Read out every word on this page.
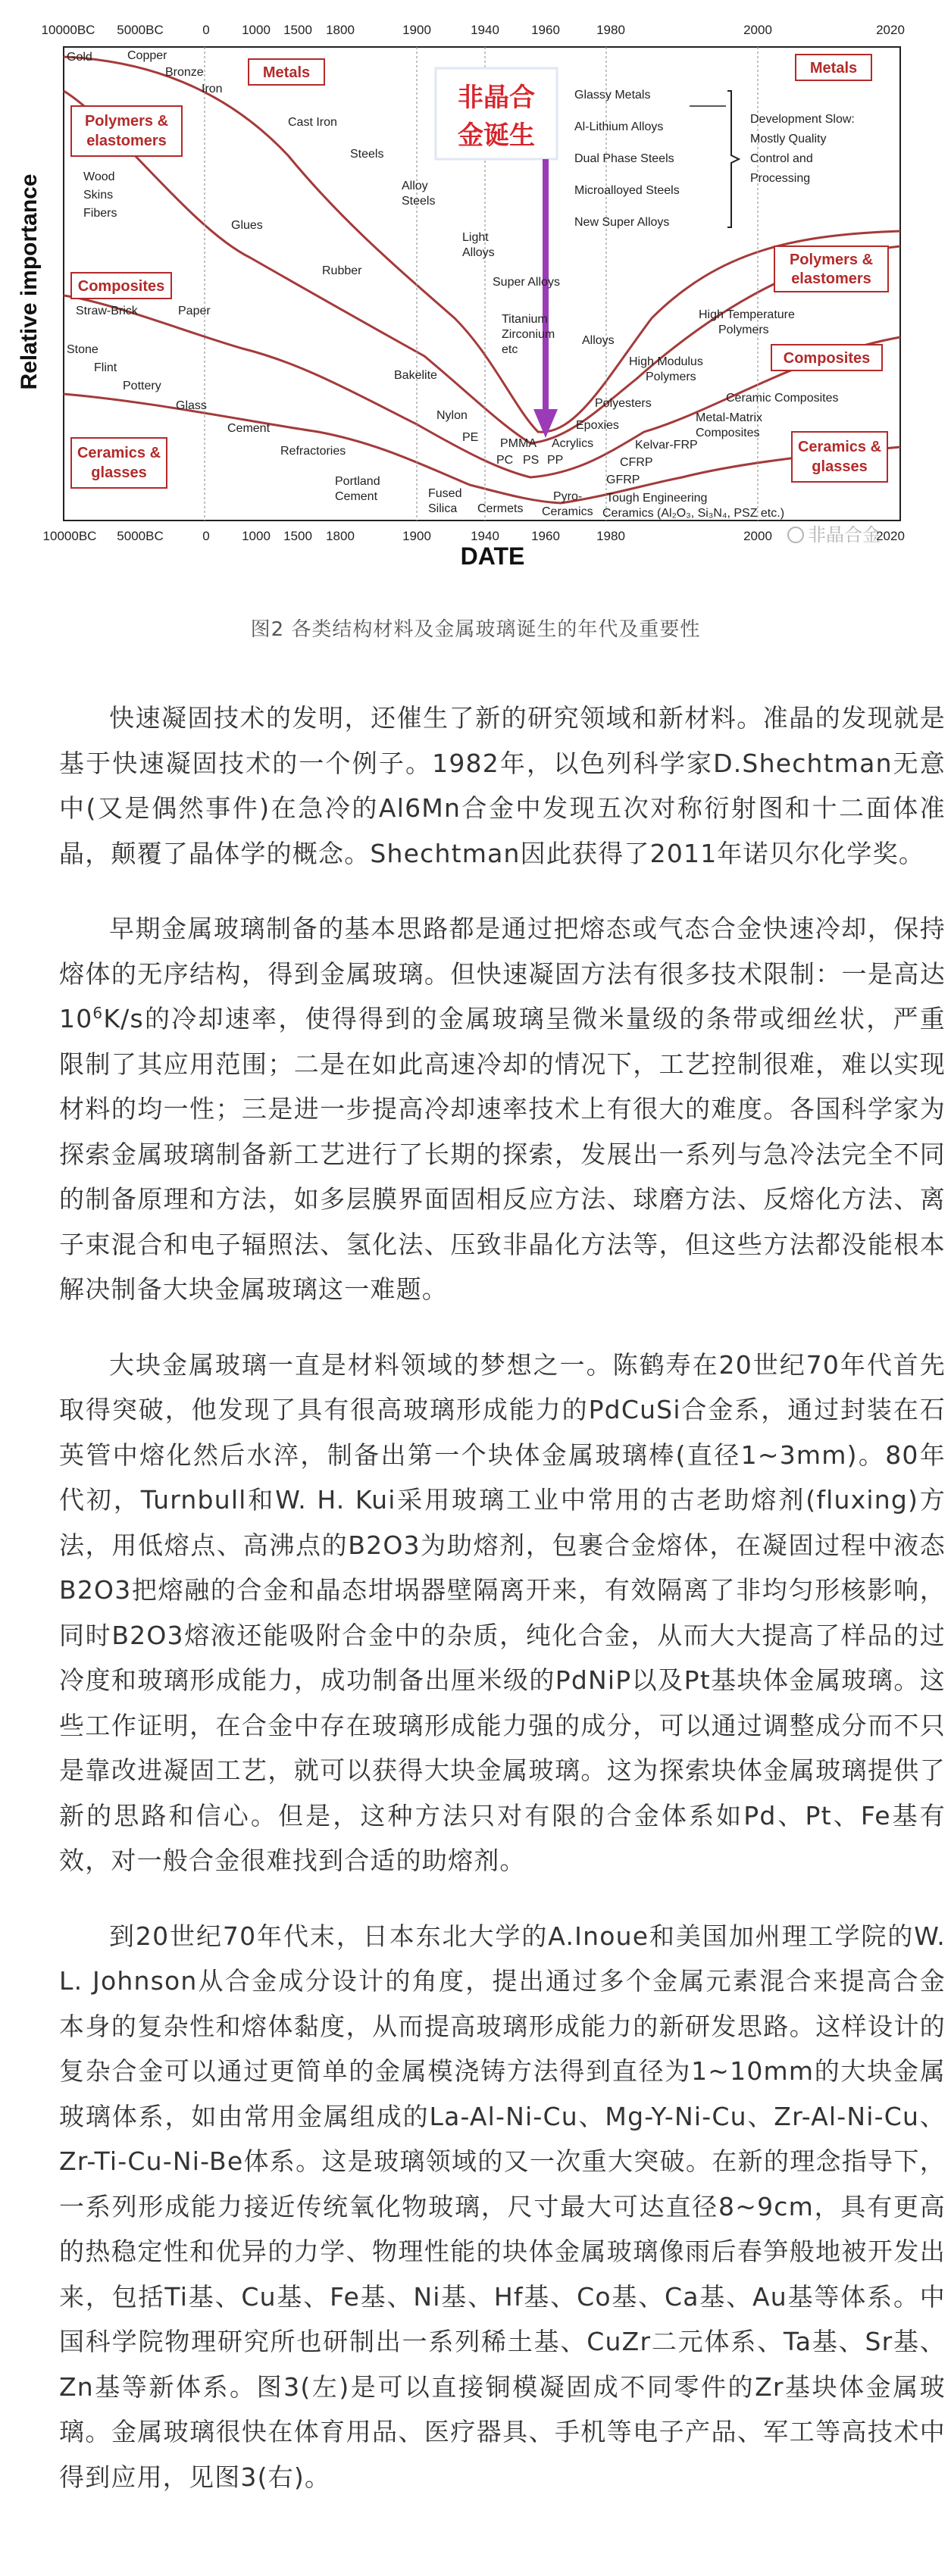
10000BC 5000BC	0 1000 1500 1800	1900	1940 1960	1980	2000	2020
10000BC 5000BC	0 1000 1500 1800	1900	1940 1960	1980	2000	2020
DATE
Relative importance
Metals	Metals
Polymers &
elastomers
Polymers &
elastomers
Composites
Composites
Ceramics &
glasses
Ceramics &
glasses
非晶合
金诞生
Gold	Copper
Bronze
Iron
Cast Iron
Steels
Alloy
Steels
Light
Alloys
Super Alloys
Titanium
Zirconium
etc
Alloys
Wood
Skins
Fibers
Glues
Rubber
Bakelite
Nylon
PE PMMA
PC PS PP
Acrylics
Polyesters
Epoxies
Straw-Brick	Paper
Stone
Flint
Pottery
Glass
Cement
Refractories
Portland
Cement	Fused
Silica Cermets
Pyro-
Ceramics
Glassy Metals
Al-Lithium Alloys
Dual Phase Steels
Microalloyed Steels
New Super Alloys
Development Slow:
Mostly Quality
Control and
Processing
High Temperature
Polymers
High Modulus
Polymers
Metal-Matrix
Composites
Ceramic Composites
Kelvar-FRP
CFRP
GFRP
Tough Engineering
Ceramics (Al₂O₃, Si₃N₄, PSZ etc.)
非晶合金
图2 各类结构材料及金属玻璃诞生的年代及重要性

快速凝固技术的发明，还催生了新的研究领域和新材料。准晶的发现就是基于快速凝固技术的一个例子。1982年，以色列科学家D.Shechtman无意中(又是偶然事件)在急冷的Al6Mn合金中发现五次对称衍射图和十二面体准晶，颠覆了晶体学的概念。Shechtman因此获得了2011年诺贝尔化学奖。

早期金属玻璃制备的基本思路都是通过把熔态或气态合金快速冷却，保持熔体的无序结构，得到金属玻璃。但快速凝固方法有很多技术限制：一是高达$10^6K/s$的冷却速率，使得得到的金属玻璃呈微米量级的条带或细丝状，严重限制了其应用范围；二是在如此高速冷却的情况下，工艺控制很难，难以实现材料的均一性；三是进一步提高冷却速率技术上有很大的难度。各国科学家为探索金属玻璃制备新工艺进行了长期的探索，发展出一系列与急冷法完全不同的制备原理和方法，如多层膜界面固相反应方法、球磨方法、反熔化方法、离子束混合和电子辐照法、氢化法、压致非晶化方法等，但这些方法都没能根本解决制备大块金属玻璃这一难题。

大块金属玻璃一直是材料领域的梦想之一。陈鹤寿在20世纪70年代首先取得突破，他发现了具有很高玻璃形成能力的PdCuSi合金系，通过封装在石英管中熔化然后水淬，制备出第一个块体金属玻璃棒(直径1~3mm)。80年代初，Turnbull和W. H. Kui采用玻璃工业中常用的古老助熔剂(fluxing)方法，用低熔点、高沸点的B2O3为助熔剂，包裹合金熔体，在凝固过程中液态B2O3把熔融的合金和晶态坩埚器壁隔离开来，有效隔离了非均匀形核影响，同时B2O3熔液还能吸附合金中的杂质，纯化合金，从而大大提高了样品的过冷度和玻璃形成能力，成功制备出厘米级的PdNiP以及Pt基块体金属玻璃。这些工作证明，在合金中存在玻璃形成能力强的成分，可以通过调整成分而不只是靠改进凝固工艺，就可以获得大块金属玻璃。这为探索块体金属玻璃提供了新的思路和信心。但是，这种方法只对有限的合金体系如Pd、Pt、Fe基有效，对一般合金很难找到合适的助熔剂。

到20世纪70年代末，日本东北大学的A.Inoue和美国加州理工学院的W. L. Johnson从合金成分设计的角度，提出通过多个金属元素混合来提高合金本身的复杂性和熔体黏度，从而提高玻璃形成能力的新研发思路。这样设计的复杂合金可以通过更简单的金属模浇铸方法得到直径为1~10mm的大块金属玻璃体系，如由常用金属组成的La-Al-Ni-Cu、Mg-Y-Ni-Cu、Zr-Al-Ni-Cu、Zr-Ti-Cu-Ni-Be体系。这是玻璃领域的又一次重大突破。在新的理念指导下，一系列形成能力接近传统氧化物玻璃，尺寸最大可达直径8~9cm，具有更高的热稳定性和优异的力学、物理性能的块体金属玻璃像雨后春笋般地被开发出来，包括Ti基、Cu基、Fe基、Ni基、Hf基、Co基、Ca基、Au基等体系。中国科学院物理研究所也研制出一系列稀土基、CuZr二元体系、Ta基、Sr基、Zn基等新体系。图3(左)是可以直接铜模凝固成不同零件的Zr基块体金属玻璃。金属玻璃很快在体育用品、医疗器具、手机等电子产品、军工等高技术中得到应用，见图3(右)。
